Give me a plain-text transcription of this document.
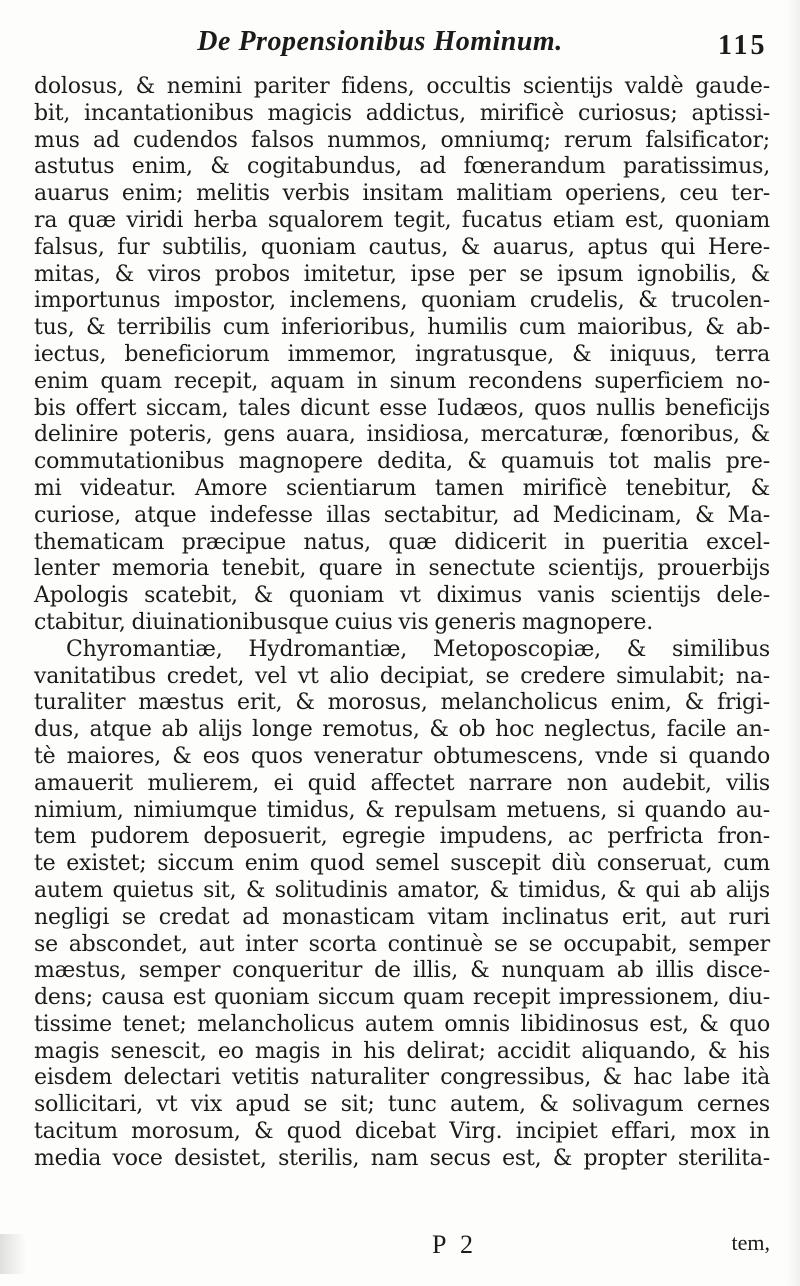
De Propensionibus Hominum.	115
dolosus, & nemini pariter fidens, occultis scientijs valdè gaude-
bit, incantationibus magicis addictus, mirificè curiosus; aptissi-
mus ad cudendos falsos nummos, omniumq; rerum falsificator;
astutus enim, & cogitabundus, ad fœnerandum paratissimus,
auarus enim; melitis verbis insitam malitiam operiens, ceu ter-
ra quæ viridi herba squalorem tegit, fucatus etiam est, quoniam
falsus, fur subtilis, quoniam cautus, & auarus, aptus qui Here-
mitas, & viros probos imitetur, ipse per se ipsum ignobilis, &
importunus impostor, inclemens, quoniam crudelis, & trucolen-
tus, & terribilis cum inferioribus, humilis cum maioribus, & ab-
iectus, beneficiorum immemor, ingratusque, & iniquus, terra
enim quam recepit, aquam in sinum recondens superficiem no-
bis offert siccam, tales dicunt esse Iudæos, quos nullis beneficijs
delinire poteris, gens auara, insidiosa, mercaturæ, fœnoribus, &
commutationibus magnopere dedita, & quamuis tot malis pre-
mi videatur. Amore scientiarum tamen mirificè tenebitur, &
curiose, atque indefesse illas sectabitur, ad Medicinam, & Ma-
thematicam præcipue natus, quæ didicerit in pueritia excel-
lenter memoria tenebit, quare in senectute scientijs, prouerbijs
Apologis scatebit, & quoniam vt diximus vanis scientijs dele-
ctabitur, diuinationibusque cuius vis generis magnopere.
Chyromantiæ, Hydromantiæ, Metoposcopiæ, & similibus
vanitatibus credet, vel vt alio decipiat, se credere simulabit; na-
turaliter mæstus erit, & morosus, melancholicus enim, & frigi-
dus, atque ab alijs longe remotus, & ob hoc neglectus, facile an-
tè maiores, & eos quos veneratur obtumescens, vnde si quando
amauerit mulierem, ei quid affectet narrare non audebit, vilis
nimium, nimiumque timidus, & repulsam metuens, si quando au-
tem pudorem deposuerit, egregie impudens, ac perfricta fron-
te existet; siccum enim quod semel suscepit diù conseruat, cum
autem quietus sit, & solitudinis amator, & timidus, & qui ab alijs
negligi se credat ad monasticam vitam inclinatus erit, aut ruri
se abscondet, aut inter scorta continuè se se occupabit, semper
mæstus, semper conqueritur de illis, & nunquam ab illis disce-
dens; causa est quoniam siccum quam recepit impressionem, diu-
tissime tenet; melancholicus autem omnis libidinosus est, & quo
magis senescit, eo magis in his delirat; accidit aliquando, & his
eisdem delectari vetitis naturaliter congressibus, & hac labe ità
sollicitari, vt vix apud se sit; tunc autem, & solivagum cernes
tacitum morosum, & quod dicebat Virg. incipiet effari, mox in
media voce desistet, sterilis, nam secus est, & propter sterilita-
P 2	tem,
